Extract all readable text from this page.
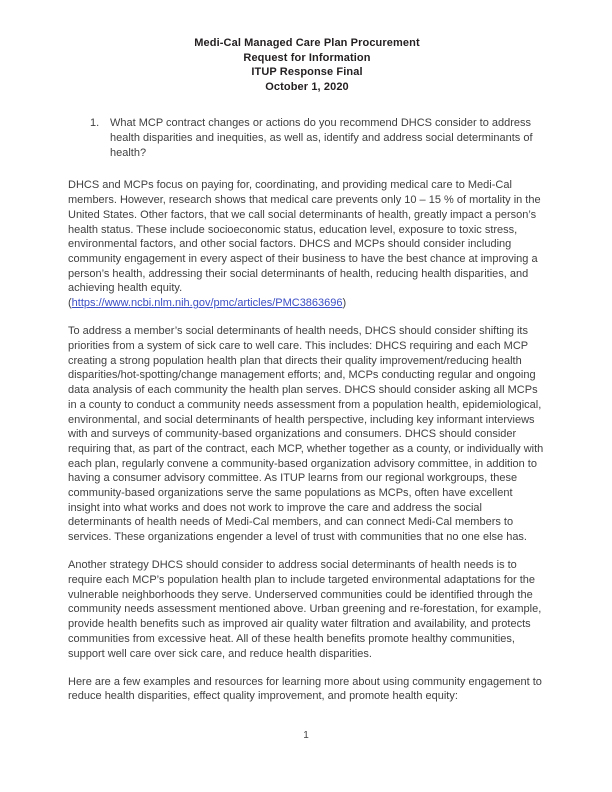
Medi-Cal Managed Care Plan Procurement
Request for Information
ITUP Response Final
October 1, 2020
1. What MCP contract changes or actions do you recommend DHCS consider to address health disparities and inequities, as well as, identify and address social determinants of health?

DHCS and MCPs focus on paying for, coordinating, and providing medical care to Medi-Cal members. However, research shows that medical care prevents only 10 – 15 % of mortality in the United States. Other factors, that we call social determinants of health, greatly impact a person’s health status. These include socioeconomic status, education level, exposure to toxic stress, environmental factors, and other social factors. DHCS and MCPs should consider including community engagement in every aspect of their business to have the best chance at improving a person’s health, addressing their social determinants of health, reducing health disparities, and achieving health equity.

(https://www.ncbi.nlm.nih.gov/pmc/articles/PMC3863696)

To address a member’s social determinants of health needs, DHCS should consider shifting its priorities from a system of sick care to well care. This includes: DHCS requiring and each MCP creating a strong population health plan that directs their quality improvement/reducing health disparities/hot-spotting/change management efforts; and, MCPs conducting regular and ongoing data analysis of each community the health plan serves. DHCS should consider asking all MCPs in a county to conduct a community needs assessment from a population health, epidemiological, environmental, and social determinants of health perspective, including key informant interviews with and surveys of community-based organizations and consumers. DHCS should consider requiring that, as part of the contract, each MCP, whether together as a county, or individually with each plan, regularly convene a community-based organization advisory committee, in addition to having a consumer advisory committee. As ITUP learns from our regional workgroups, these community-based organizations serve the same populations as MCPs, often have excellent insight into what works and does not work to improve the care and address the social determinants of health needs of Medi-Cal members, and can connect Medi-Cal members to services. These organizations engender a level of trust with communities that no one else has.

Another strategy DHCS should consider to address social determinants of health needs is to require each MCP’s population health plan to include targeted environmental adaptations for the vulnerable neighborhoods they serve. Underserved communities could be identified through the community needs assessment mentioned above. Urban greening and re-forestation, for example, provide health benefits such as improved air quality water filtration and availability, and protects communities from excessive heat. All of these health benefits promote healthy communities, support well care over sick care, and reduce health disparities.

Here are a few examples and resources for learning more about using community engagement to reduce health disparities, effect quality improvement, and promote health equity:

1
